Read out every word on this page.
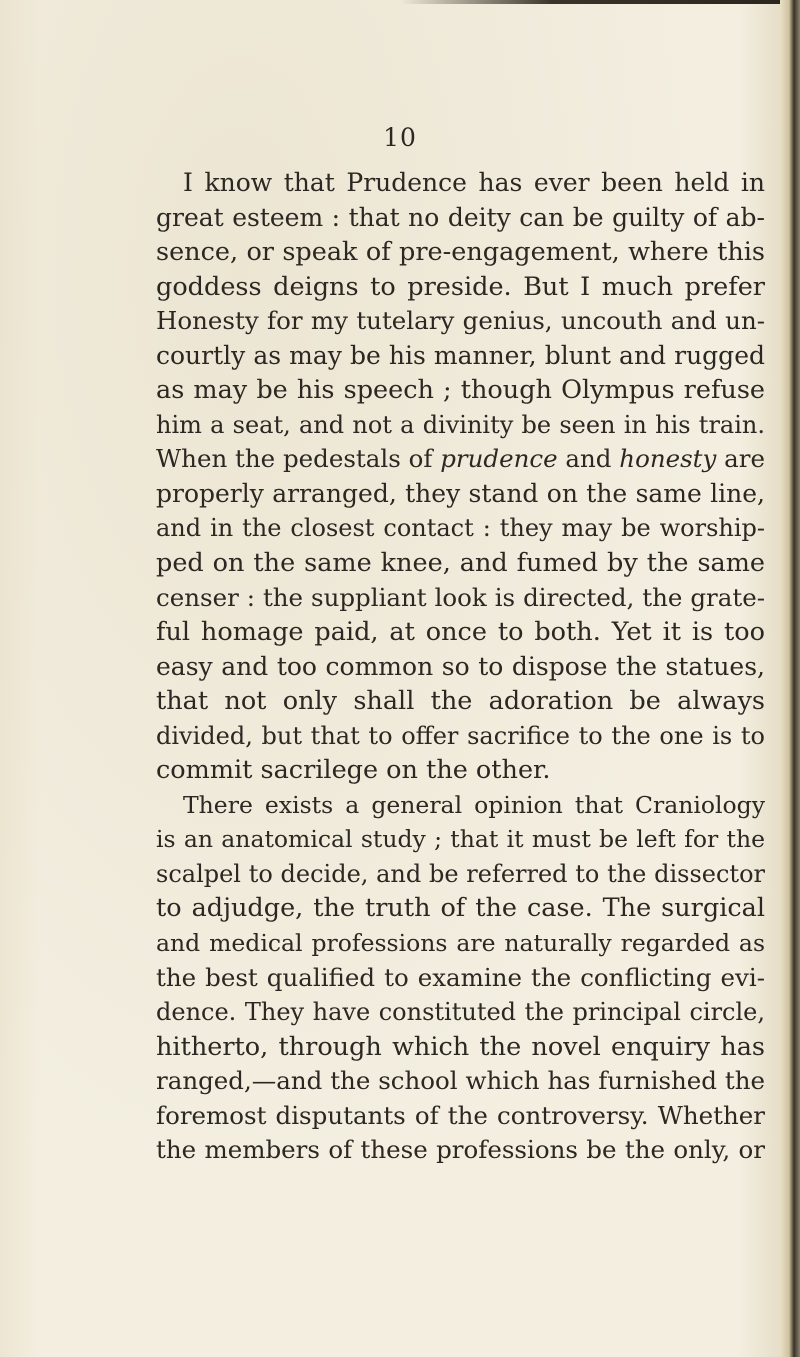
10
I know that Prudence has ever been held in
great esteem : that no deity can be guilty of ab-
sence, or speak of pre-engagement, where this
goddess deigns to preside. But I much prefer
Honesty for my tutelary genius, uncouth and un-
courtly as may be his manner, blunt and rugged
as may be his speech ; though Olympus refuse
him a seat, and not a divinity be seen in his train.
When the pedestals of prudence and honesty are
properly arranged, they stand on the same line,
and in the closest contact : they may be worship-
ped on the same knee, and fumed by the same
censer : the suppliant look is directed, the grate-
ful homage paid, at once to both. Yet it is too
easy and too common so to dispose the statues,
that not only shall the adoration be always
divided, but that to offer sacrifice to the one is to
commit sacrilege on the other.
There exists a general opinion that Craniology
is an anatomical study ; that it must be left for the
scalpel to decide, and be referred to the dissector
to adjudge, the truth of the case. The surgical
and medical professions are naturally regarded as
the best qualified to examine the conflicting evi-
dence. They have constituted the principal circle,
hitherto, through which the novel enquiry has
ranged,—and the school which has furnished the
foremost disputants of the controversy. Whether
the members of these professions be the only, or
